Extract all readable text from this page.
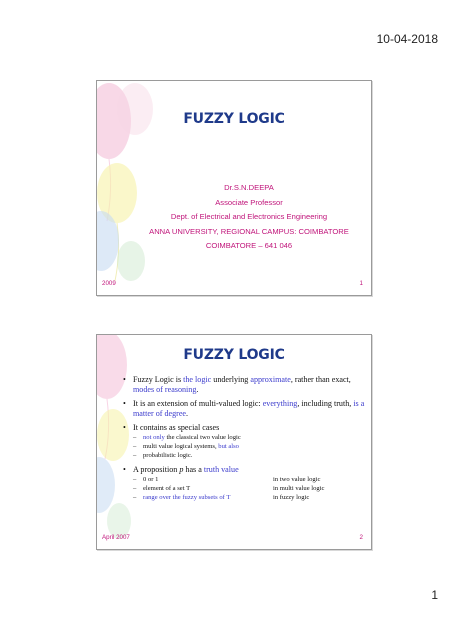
10-04-2018
FUZZY LOGIC
Dr.S.N.DEEPA
Associate Professor
Dept. of Electrical and Electronics Engineering
ANNA UNIVERSITY, REGIONAL CAMPUS: COIMBATORE
COIMBATORE – 641 046
2009	1
FUZZY LOGIC
• Fuzzy Logic is the logic underlying approximate, rather than exact, modes of reasoning.
• It is an extension of multi-valued logic: everything, including truth, is a matter of degree.
• It contains as special cases
– not only the classical two value logic
– multi value logical systems, but also
– probabilistic logic.
• A proposition p has a truth value
– 0 or 1	in two value logic
– element of a set T	in multi value logic
– range over the fuzzy subsets of T	in fuzzy logic
April 2007	2
1
